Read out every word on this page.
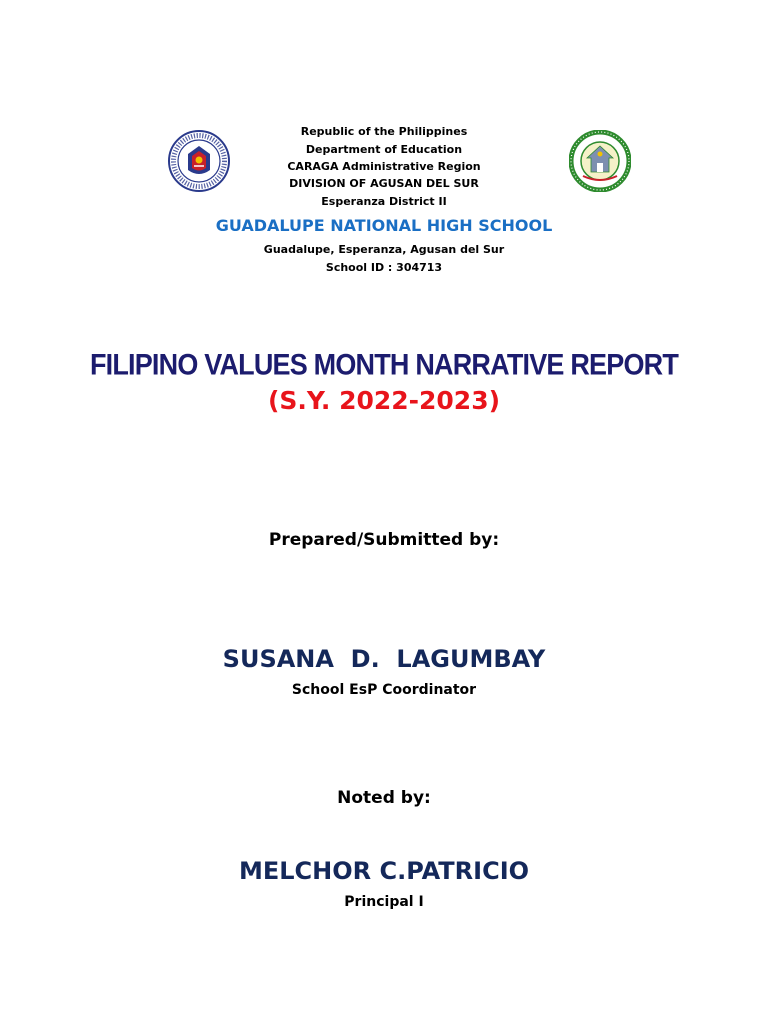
Republic of the Philippines
Department of Education
CARAGA Administrative Region
DIVISION OF AGUSAN DEL SUR
Esperanza District II
GUADALUPE NATIONAL HIGH SCHOOL
Guadalupe, Esperanza, Agusan del Sur
School ID : 304713
FILIPINO VALUES MONTH NARRATIVE REPORT
(S.Y. 2022-2023)
Prepared/Submitted by:
SUSANA  D.  LAGUMBAY
School EsP Coordinator
Noted by:
MELCHOR C.PATRICIO
Principal I
